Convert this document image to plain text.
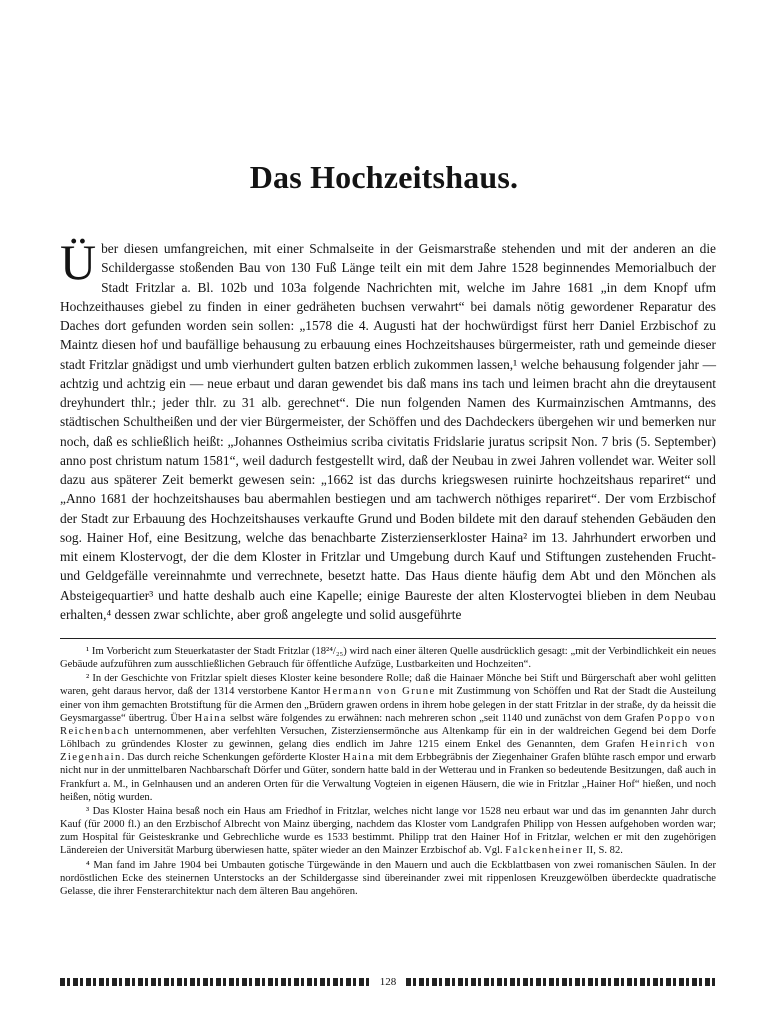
Das Hochzeitshaus.

Über diesen umfangreichen, mit einer Schmalseite in der Geismarstraße stehenden und mit der anderen an die Schildergasse stoßenden Bau von 130 Fuß Länge teilt ein mit dem Jahre 1528 beginnendes Memorialbuch der Stadt Fritzlar a. Bl. 102b und 103a folgende Nachrichten mit, welche im Jahre 1681 „in dem Knopf ufm Hochzeithauses giebel zu finden in einer gedräheten buchsen verwahrt“ bei damals nötig gewordener Reparatur des Daches dort gefunden worden sein sollen: „1578 die 4. Augusti hat der hochwürdigst fürst herr Daniel Erzbischof zu Maintz diesen hof und baufällige behausung zu erbauung eines Hochzeitshauses bürgermeister, rath und gemeinde dieser stadt Fritzlar gnädigst und umb vierhundert gulten batzen erblich zukommen lassen,¹ welche behausung folgender jahr — achtzig und achtzig ein — neue erbaut und daran gewendet bis daß mans ins tach und leimen bracht ahn die dreytausent dreyhundert thlr.; jeder thlr. zu 31 alb. gerechnet“. Die nun folgenden Namen des Kurmainzischen Amtmanns, des städtischen Schultheißen und der vier Bürgermeister, der Schöffen und des Dachdeckers übergehen wir und bemerken nur noch, daß es schließlich heißt: „Johannes Ostheimius scriba civitatis Fridslarie juratus scripsit Non. 7 bris (5. September) anno post christum natum 1581“, weil dadurch festgestellt wird, daß der Neubau in zwei Jahren vollendet war. Weiter soll dazu aus späterer Zeit bemerkt gewesen sein: „1662 ist das durchs kriegswesen ruinirte hochzeitshaus repariret“ und „Anno 1681 der hochzeitshauses bau abermahlen bestiegen und am tachwerch nöthiges repariret“. Der vom Erzbischof der Stadt zur Erbauung des Hochzeitshauses verkaufte Grund und Boden bildete mit den darauf stehenden Gebäuden den sog. Hainer Hof, eine Besitzung, welche das benachbarte Zisterzienserkloster Haina² im 13. Jahrhundert erworben und mit einem Klostervogt, der die dem Kloster in Fritzlar und Umgebung durch Kauf und Stiftungen zustehenden Frucht- und Geldgefälle vereinnahmte und verrechnete, besetzt hatte. Das Haus diente häufig dem Abt und den Mönchen als Absteigequartier³ und hatte deshalb auch eine Kapelle; einige Baureste der alten Klostervogtei blieben in dem Neubau erhalten,⁴ dessen zwar schlichte, aber groß angelegte und solid ausgeführte

¹ Im Vorbericht zum Steuerkataster der Stadt Fritzlar (18²⁴/₂₅) wird nach einer älteren Quelle ausdrücklich gesagt: „mit der Verbindlichkeit ein neues Gebäude aufzuführen zum ausschließlichen Gebrauch für öffentliche Aufzüge, Lustbarkeiten und Hochzeiten“.

² In der Geschichte von Fritzlar spielt dieses Kloster keine besondere Rolle; daß die Hainaer Mönche bei Stift und Bürgerschaft aber wohl gelitten waren, geht daraus hervor, daß der 1314 verstorbene Kantor Hermann von Grune mit Zustimmung von Schöffen und Rat der Stadt die Austeilung einer von ihm gemachten Brotstiftung für die Armen den „Brüdern grawen ordens in ihrem hobe gelegen in der statt Fritzlar in der straße, dy da heissit die Geysmargasse“ übertrug. Über Haina selbst wäre folgendes zu erwähnen: nach mehreren schon „seit 1140 und zunächst von dem Grafen Poppo von Reichenbach unternommenen, aber verfehlten Versuchen, Zisterziensermönche aus Altenkamp für ein in der waldreichen Gegend bei dem Dorfe Löhlbach zu gründendes Kloster zu gewinnen, gelang dies endlich im Jahre 1215 einem Enkel des Genannten, dem Grafen Heinrich von Ziegenhain. Das durch reiche Schenkungen geförderte Kloster Haina mit dem Erbbegräbnis der Ziegenhainer Grafen blühte rasch empor und erwarb nicht nur in der unmittelbaren Nachbarschaft Dörfer und Güter, sondern hatte bald in der Wetterau und in Franken so bedeutende Besitzungen, daß auch in Frankfurt a. M., in Gelnhausen und an anderen Orten für die Verwaltung Vogteien in eigenen Häusern, die wie in Fritzlar „Hainer Hof“ hießen, und noch heißen, nötig wurden.

³ Das Kloster Haina besaß noch ein Haus am Friedhof in Fritzlar, welches nicht lange vor 1528 neu erbaut war und das im genannten Jahr durch Kauf (für 2000 fl.) an den Erzbischof Albrecht von Mainz überging, nachdem das Kloster vom Landgrafen Philipp von Hessen aufgehoben worden war; zum Hospital für Geisteskranke und Gebrechliche wurde es 1533 bestimmt. Philipp trat den Hainer Hof in Fritzlar, welchen er mit den zugehörigen Ländereien der Universität Marburg überwiesen hatte, später wieder an den Mainzer Erzbischof ab. Vgl. Falckenheiner II, S. 82.

⁴ Man fand im Jahre 1904 bei Umbauten gotische Türgewände in den Mauern und auch die Eckblattbasen von zwei romanischen Säulen. In der nordöstlichen Ecke des steinernen Unterstocks an der Schildergasse sind übereinander zwei mit rippenlosen Kreuzgewölben überdeckte quadratische Gelasse, die ihrer Fensterarchitektur nach dem älteren Bau angehören.

128
